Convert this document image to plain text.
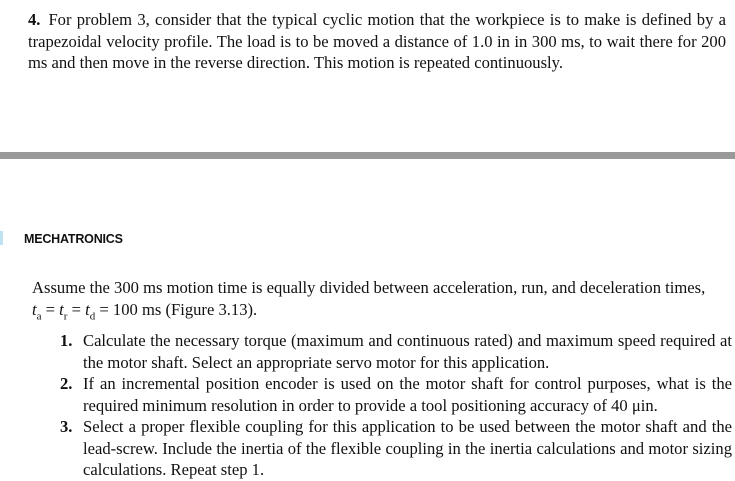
4. For problem 3, consider that the typical cyclic motion that the workpiece is to make is defined by a trapezoidal velocity profile. The load is to be moved a distance of 1.0 in in 300 ms, to wait there for 200 ms and then move in the reverse direction. This motion is repeated continuously.
MECHATRONICS
Assume the 300 ms motion time is equally divided between acceleration, run, and deceleration times,
$t_a = t_r = t_d = 100$ ms (Figure 3.13).
1. Calculate the necessary torque (maximum and continuous rated) and maximum speed required at the motor shaft. Select an appropriate servo motor for this application.
2. If an incremental position encoder is used on the motor shaft for control purposes, what is the required minimum resolution in order to provide a tool positioning accuracy of 40 μin.
3. Select a proper flexible coupling for this application to be used between the motor shaft and the lead-screw. Include the inertia of the flexible coupling in the inertia calculations and motor sizing calculations. Repeat step 1.
